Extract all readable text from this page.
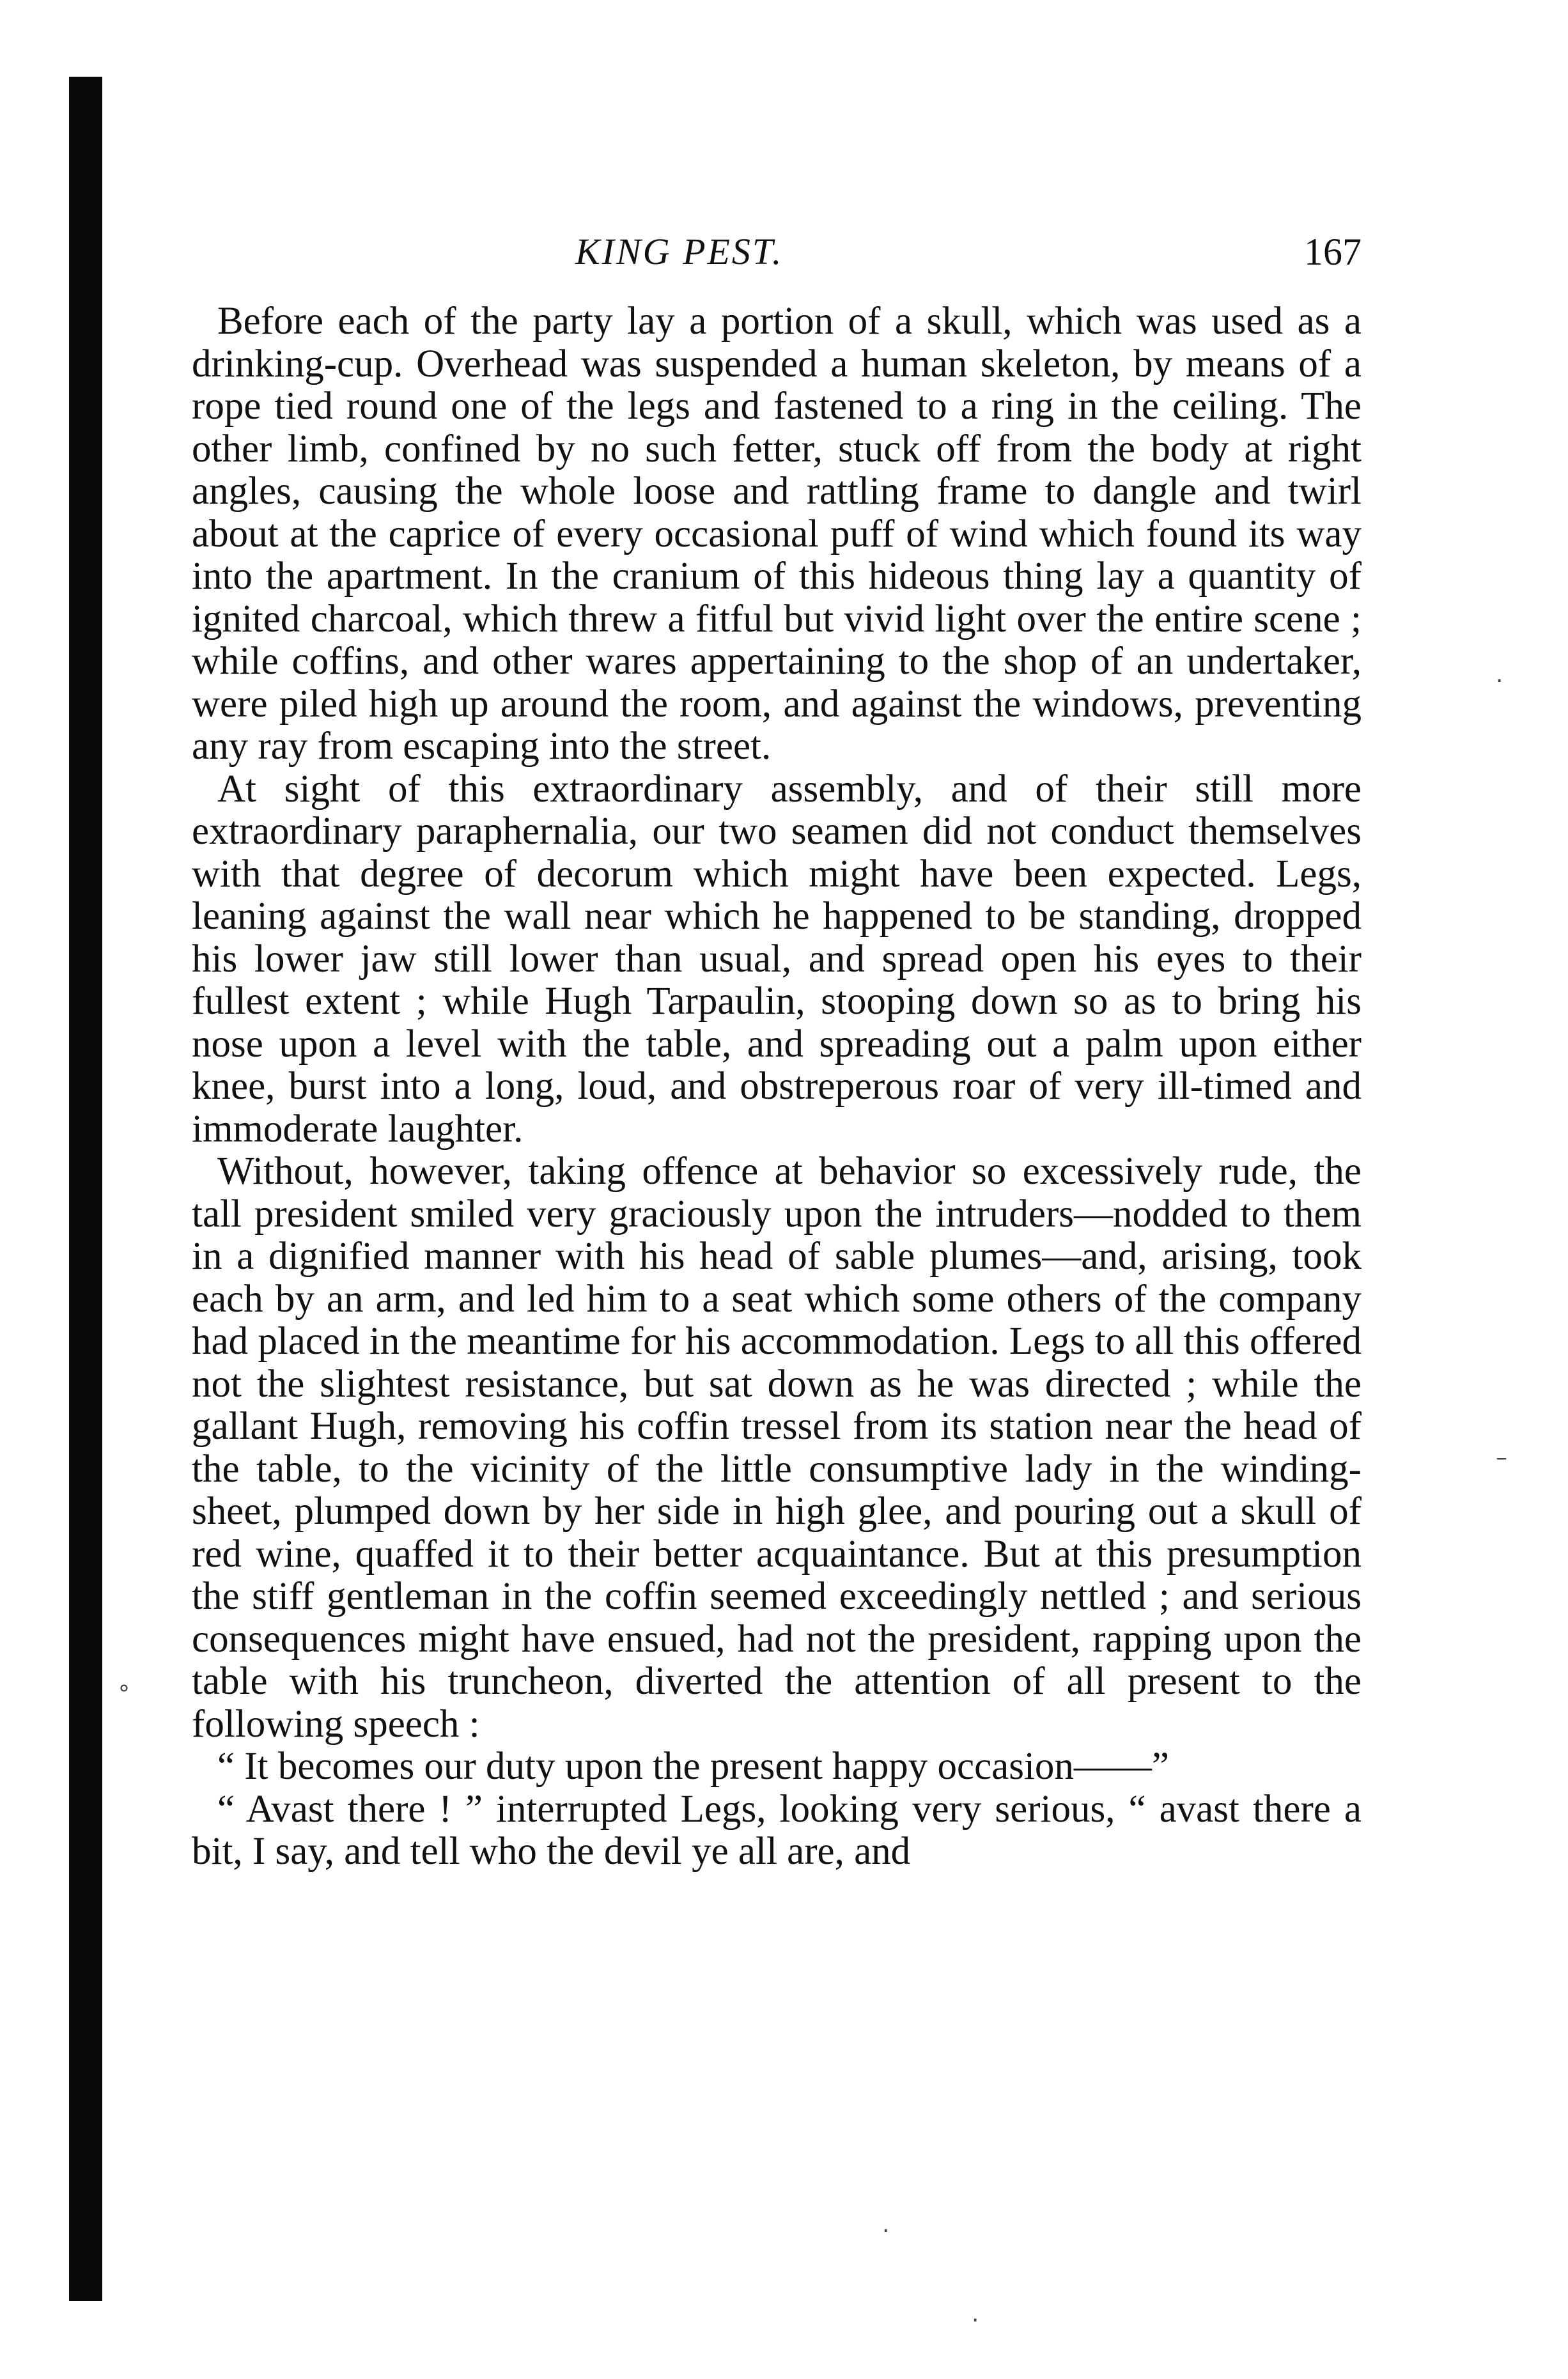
KING PEST.	167

Before each of the party lay a portion of a skull, which was used as a drinking-cup. Overhead was suspended a human skeleton, by means of a rope tied round one of the legs and fastened to a ring in the ceiling. The other limb, confined by no such fetter, stuck off from the body at right angles, causing the whole loose and rattling frame to dangle and twirl about at the caprice of every occasional puff of wind which found its way into the apartment. In the cranium of this hideous thing lay a quantity of ignited charcoal, which threw a fitful but vivid light over the entire scene ; while coffins, and other wares appertaining to the shop of an undertaker, were piled high up around the room, and against the windows, preventing any ray from escaping into the street.

At sight of this extraordinary assembly, and of their still more extraordinary paraphernalia, our two seamen did not conduct themselves with that degree of decorum which might have been expected. Legs, leaning against the wall near which he happened to be standing, dropped his lower jaw still lower than usual, and spread open his eyes to their fullest extent ; while Hugh Tarpaulin, stooping down so as to bring his nose upon a level with the table, and spreading out a palm upon either knee, burst into a long, loud, and obstreperous roar of very ill-timed and immoderate laughter.

Without, however, taking offence at behavior so excessively rude, the tall president smiled very graciously upon the intruders—nodded to them in a dignified manner with his head of sable plumes—and, arising, took each by an arm, and led him to a seat which some others of the company had placed in the meantime for his accommodation. Legs to all this offered not the slightest resistance, but sat down as he was directed ; while the gallant Hugh, removing his coffin tressel from its station near the head of the table, to the vicinity of the little consumptive lady in the winding-sheet, plumped down by her side in high glee, and pouring out a skull of red wine, quaffed it to their better acquaintance. But at this presumption the stiff gentleman in the coffin seemed exceedingly nettled ; and serious consequences might have ensued, had not the president, rapping upon the table with his truncheon, diverted the attention of all present to the following speech :

“ It becomes our duty upon the present happy occasion——”

“ Avast there ! ” interrupted Legs, looking very serious, “ avast there a bit, I say, and tell who the devil ye all are, and

·
–
°
·
·
